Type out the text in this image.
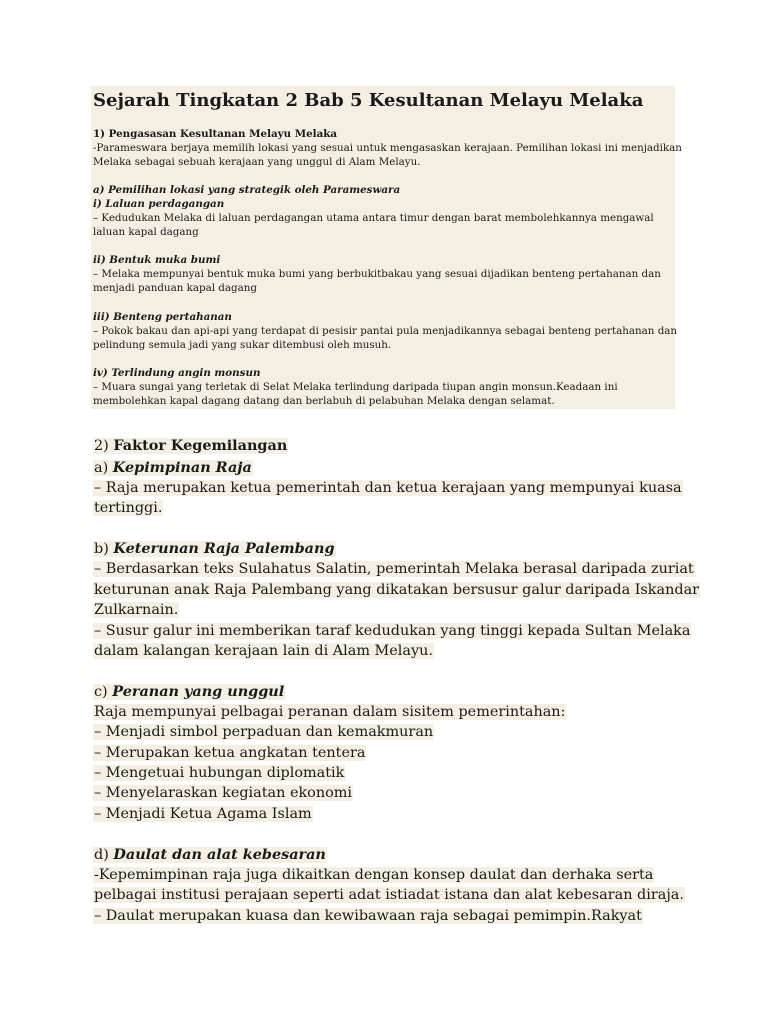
Sejarah Tingkatan 2 Bab 5 Kesultanan Melayu Melaka
1) Pengasasan Kesultanan Melayu Melaka
-Parameswara berjaya memilih lokasi yang sesuai untuk mengasaskan kerajaan. Pemilihan lokasi ini menjadikan
Melaka sebagai sebuah kerajaan yang unggul di Alam Melayu.
a) Pemilihan lokasi yang strategik oleh Parameswara
i) Laluan perdagangan
– Kedudukan Melaka di laluan perdagangan utama antara timur dengan barat membolehkannya mengawal
laluan kapal dagang
ii) Bentuk muka bumi
– Melaka mempunyai bentuk muka bumi yang berbukitbakau yang sesuai dijadikan benteng pertahanan dan
menjadi panduan kapal dagang
iii) Benteng pertahanan
– Pokok bakau dan api-api yang terdapat di pesisir pantai pula menjadikannya sebagai benteng pertahanan dan
pelindung semula jadi yang sukar ditembusi oleh musuh.
iv) Terlindung angin monsun
– Muara sungai yang terletak di Selat Melaka terlindung daripada tiupan angin monsun.Keadaan ini
membolehkan kapal dagang datang dan berlabuh di pelabuhan Melaka dengan selamat.
2) Faktor Kegemilangan
a) Kepimpinan Raja
– Raja merupakan ketua pemerintah dan ketua kerajaan yang mempunyai kuasa
tertinggi.
b) Keterunan Raja Palembang
– Berdasarkan teks Sulahatus Salatin, pemerintah Melaka berasal daripada zuriat
keturunan anak Raja Palembang yang dikatakan bersusur galur daripada Iskandar
Zulkarnain.
– Susur galur ini memberikan taraf kedudukan yang tinggi kepada Sultan Melaka
dalam kalangan kerajaan lain di Alam Melayu.
c) Peranan yang unggul
Raja mempunyai pelbagai peranan dalam sisitem pemerintahan:
– Menjadi simbol perpaduan dan kemakmuran
– Merupakan ketua angkatan tentera
– Mengetuai hubungan diplomatik
– Menyelaraskan kegiatan ekonomi
– Menjadi Ketua Agama Islam
d) Daulat dan alat kebesaran
-Kepemimpinan raja juga dikaitkan dengan konsep daulat dan derhaka serta
pelbagai institusi perajaan seperti adat istiadat istana dan alat kebesaran diraja.
– Daulat merupakan kuasa dan kewibawaan raja sebagai pemimpin.Rakyat
